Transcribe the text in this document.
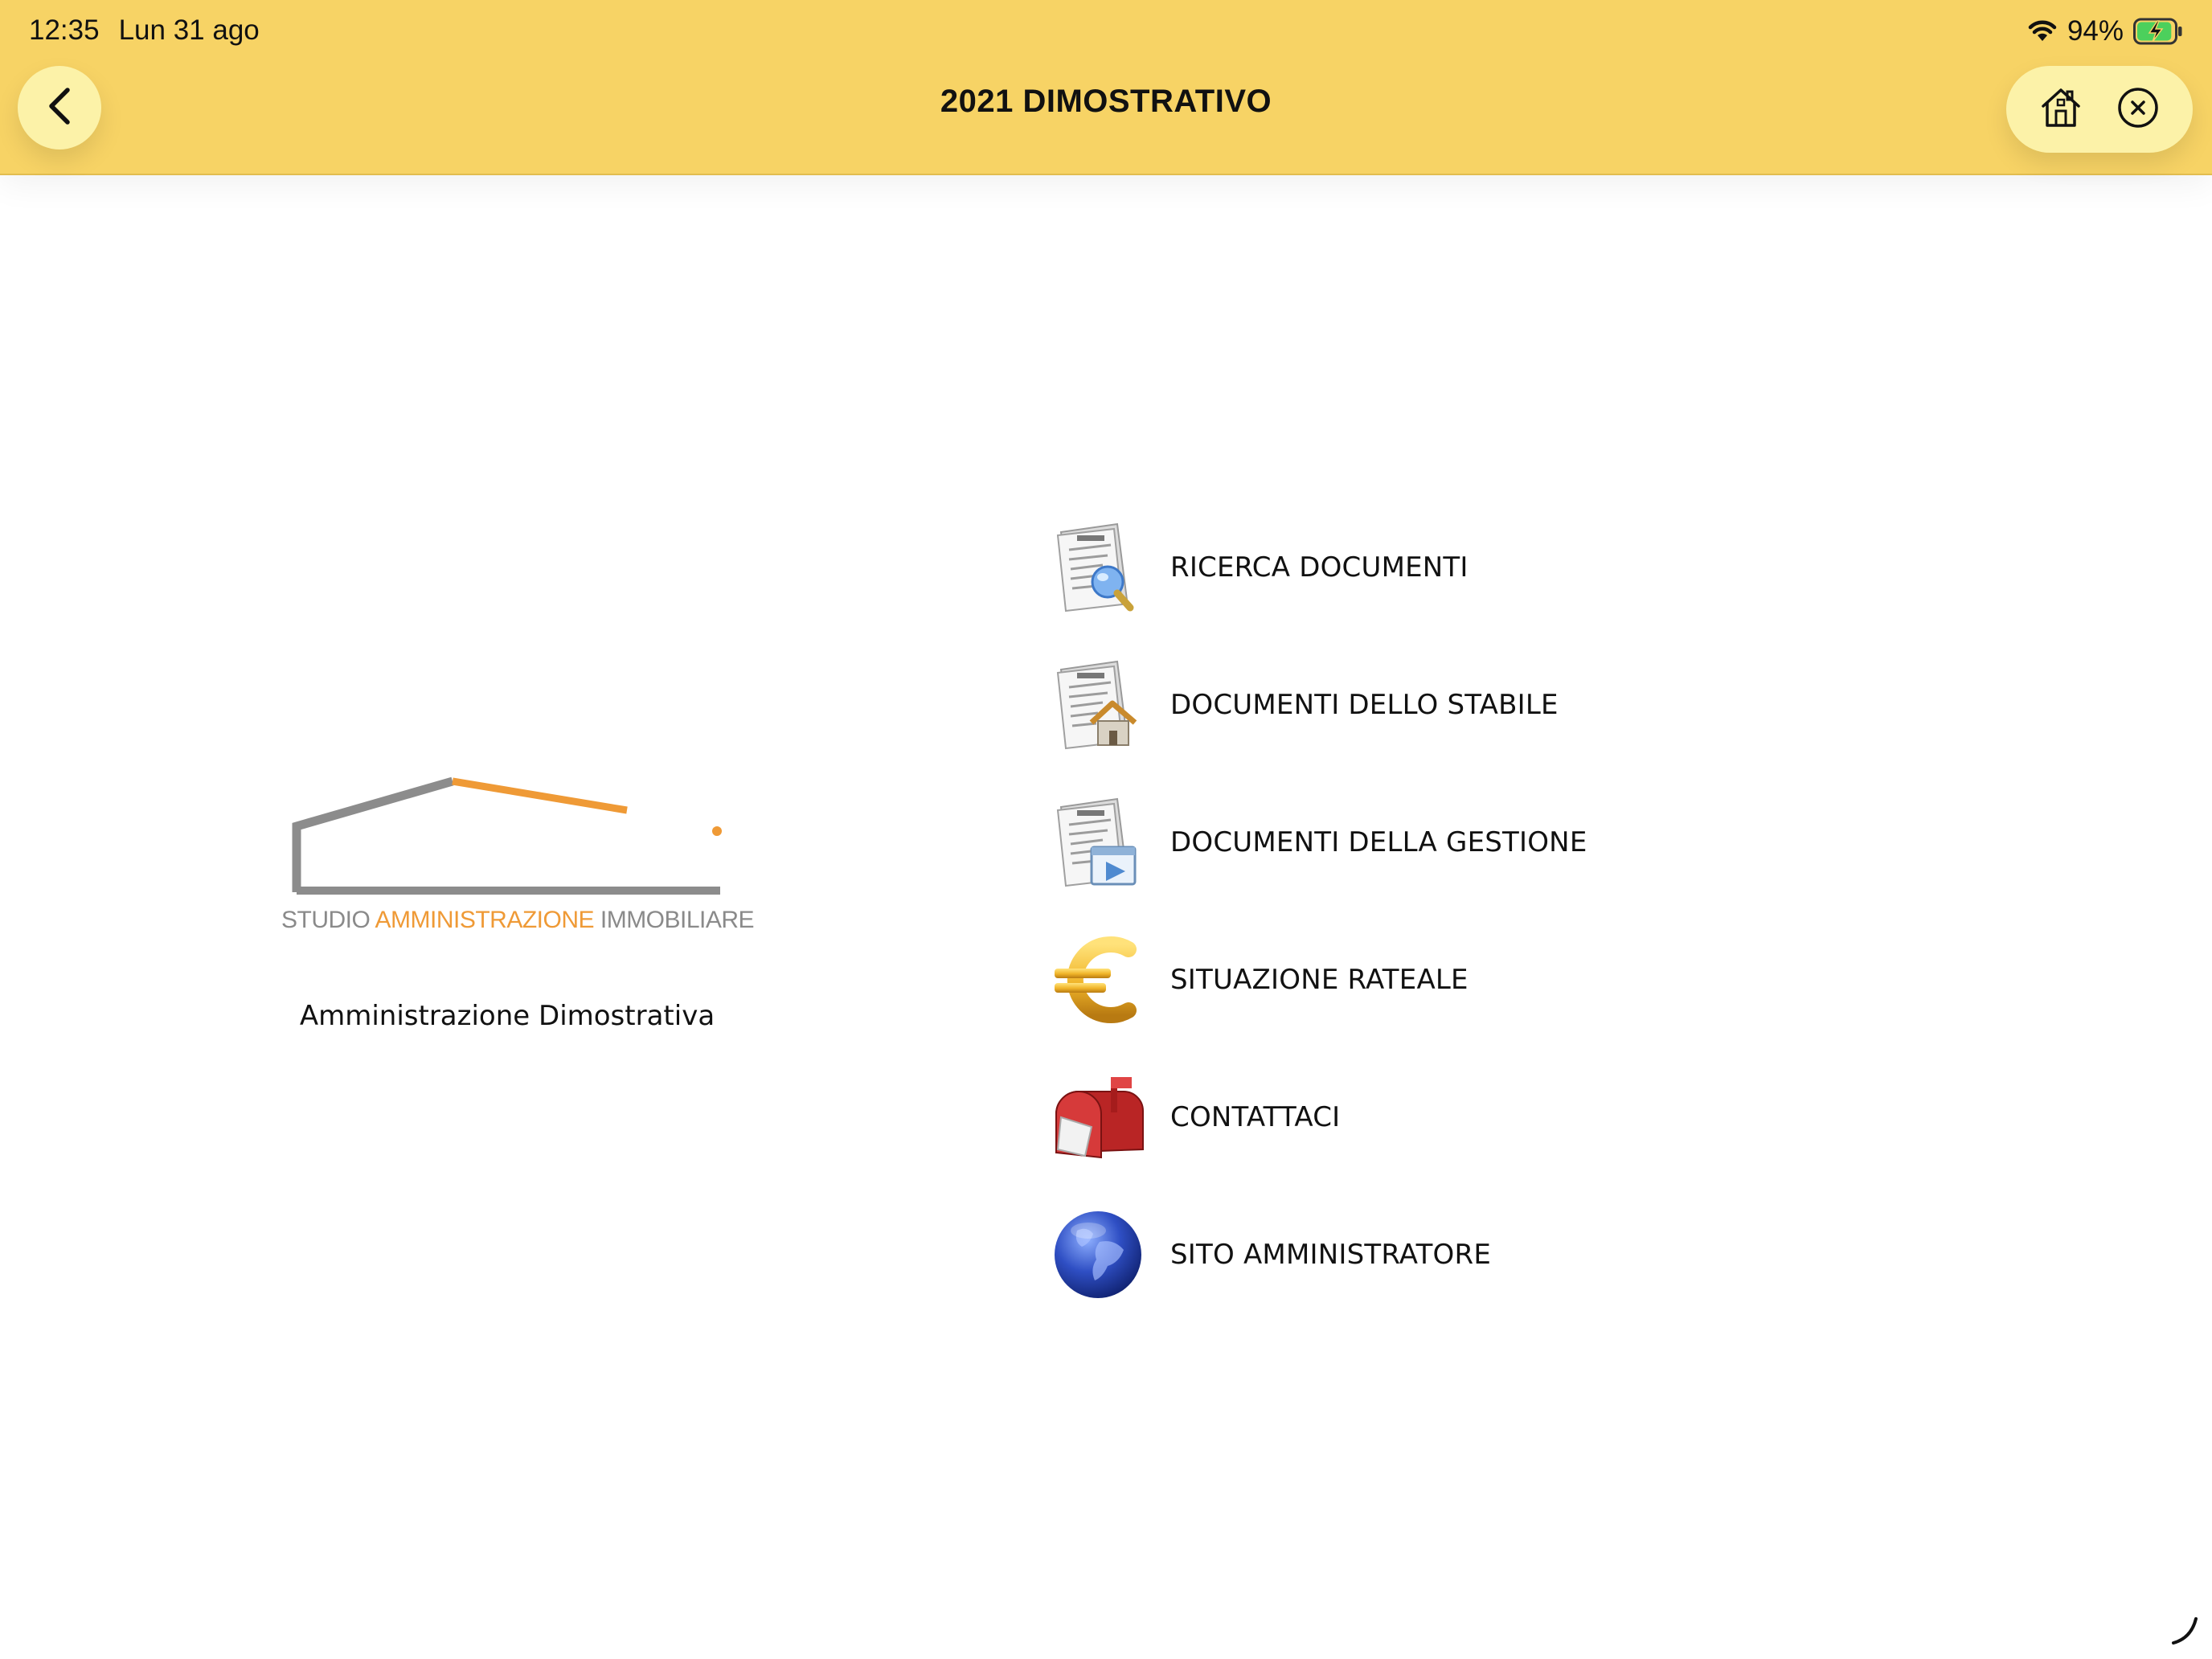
12:35 Lun 31 ago	94%
2021 DIMOSTRATIVO
STUDIO AMMINISTRAZIONE IMMOBILIARE
Amministrazione Dimostrativa
RICERCA DOCUMENTI
DOCUMENTI DELLO STABILE
DOCUMENTI DELLA GESTIONE
SITUAZIONE RATEALE
CONTATTACI
SITO AMMINISTRATORE
